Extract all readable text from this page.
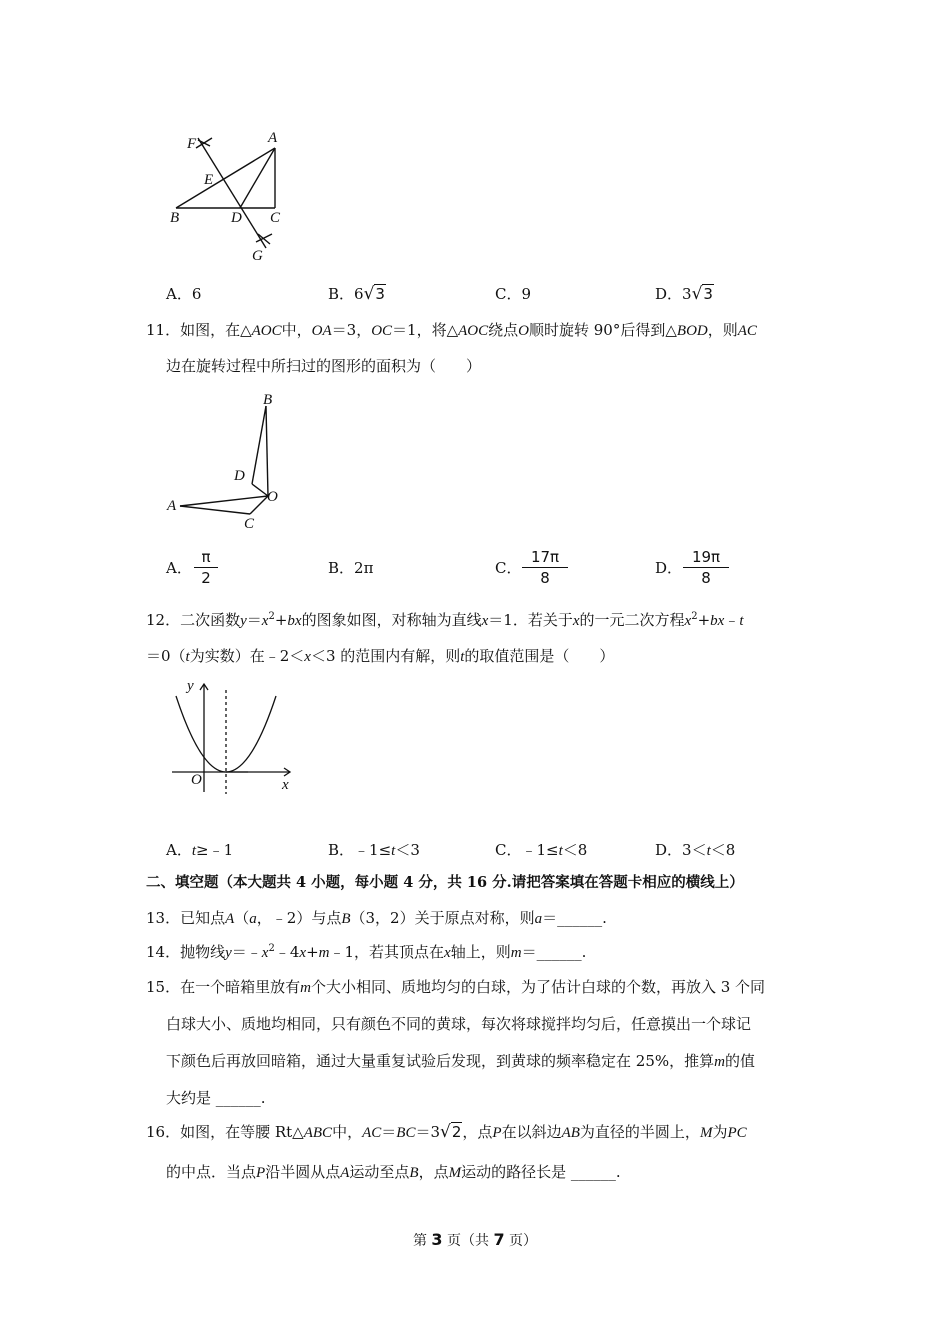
F	A
E
B	D C
G
A．6	B．6√3	C．9	D．3√3
11．如图，在△AOC中，OA＝3，OC＝1，将△AOC绕点O顺时旋转 90°后得到△BOD，则AC
边在旋转过程中所扫过的图形的面积为（　　）
B
D
O
A
C
A．
π
2
B．2π	C．
17π
8
D．
19π
8
12．二次函数$y=x^2+bx$的图象如图，对称轴为直线x＝1．若关于x的一元二次方程$x^2+bx﹣t$
＝0（t为实数）在﹣2＜x＜3 的范围内有解，则t的取值范围是（　　）
y
x
O
A．t≥﹣1	B．﹣1≤t＜3	C．﹣1≤t＜8	D．3＜t＜8
二、填空题（本大题共 4 小题，每小题 4 分，共 16 分.请把答案填在答题卡相应的横线上）
13．已知点A（a，﹣2）与点B（3，2）关于原点对称，则a＝______.
14．抛物线$y=﹣x^2﹣4x+m﹣1$，若其顶点在x轴上，则m＝______.
15．在一个暗箱里放有m个大小相同、质地均匀的白球，为了估计白球的个数，再放入 3 个同
白球大小、质地均相同，只有颜色不同的黄球，每次将球搅拌均匀后，任意摸出一个球记
下颜色后再放回暗箱，通过大量重复试验后发现，到黄球的频率稳定在 25%，推算m的值
大约是 ______.
16．如图，在等腰 Rt△ABC中，AC＝BC＝3√2，点P在以斜边AB为直径的半圆上，M为PC
的中点．当点P沿半圆从点A运动至点B，点M运动的路径长是 ______.
第 3 页（共 7 页）
